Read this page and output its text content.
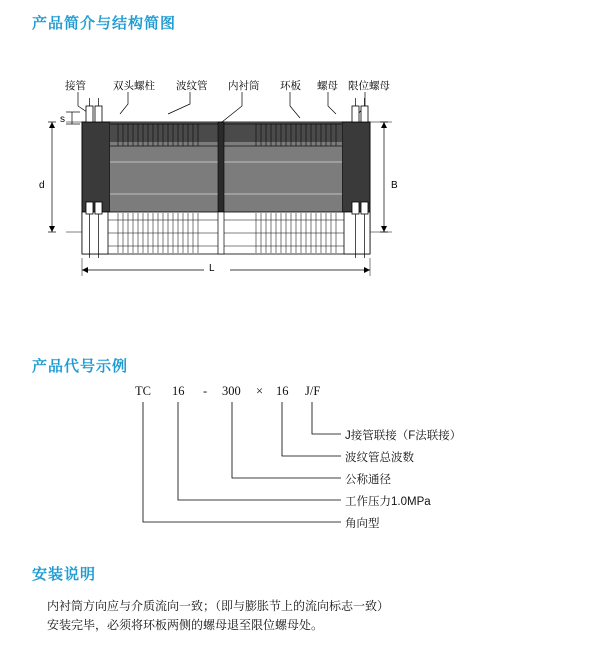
产品简介与结构简图
接管	双头螺柱 波纹管 内衬筒 环板 螺母 限位螺母
s
d	B
L
产品代号示例
TC 16 - 300 × 16 J/F
J接管联接（F法联接）
波纹管总波数
公称通径
工作压力1.0MPa
角向型
安装说明
内衬筒方向应与介质流向一致；（即与膨胀节上的流向标志一致）
安装完毕，必须将环板两侧的螺母退至限位螺母处。
